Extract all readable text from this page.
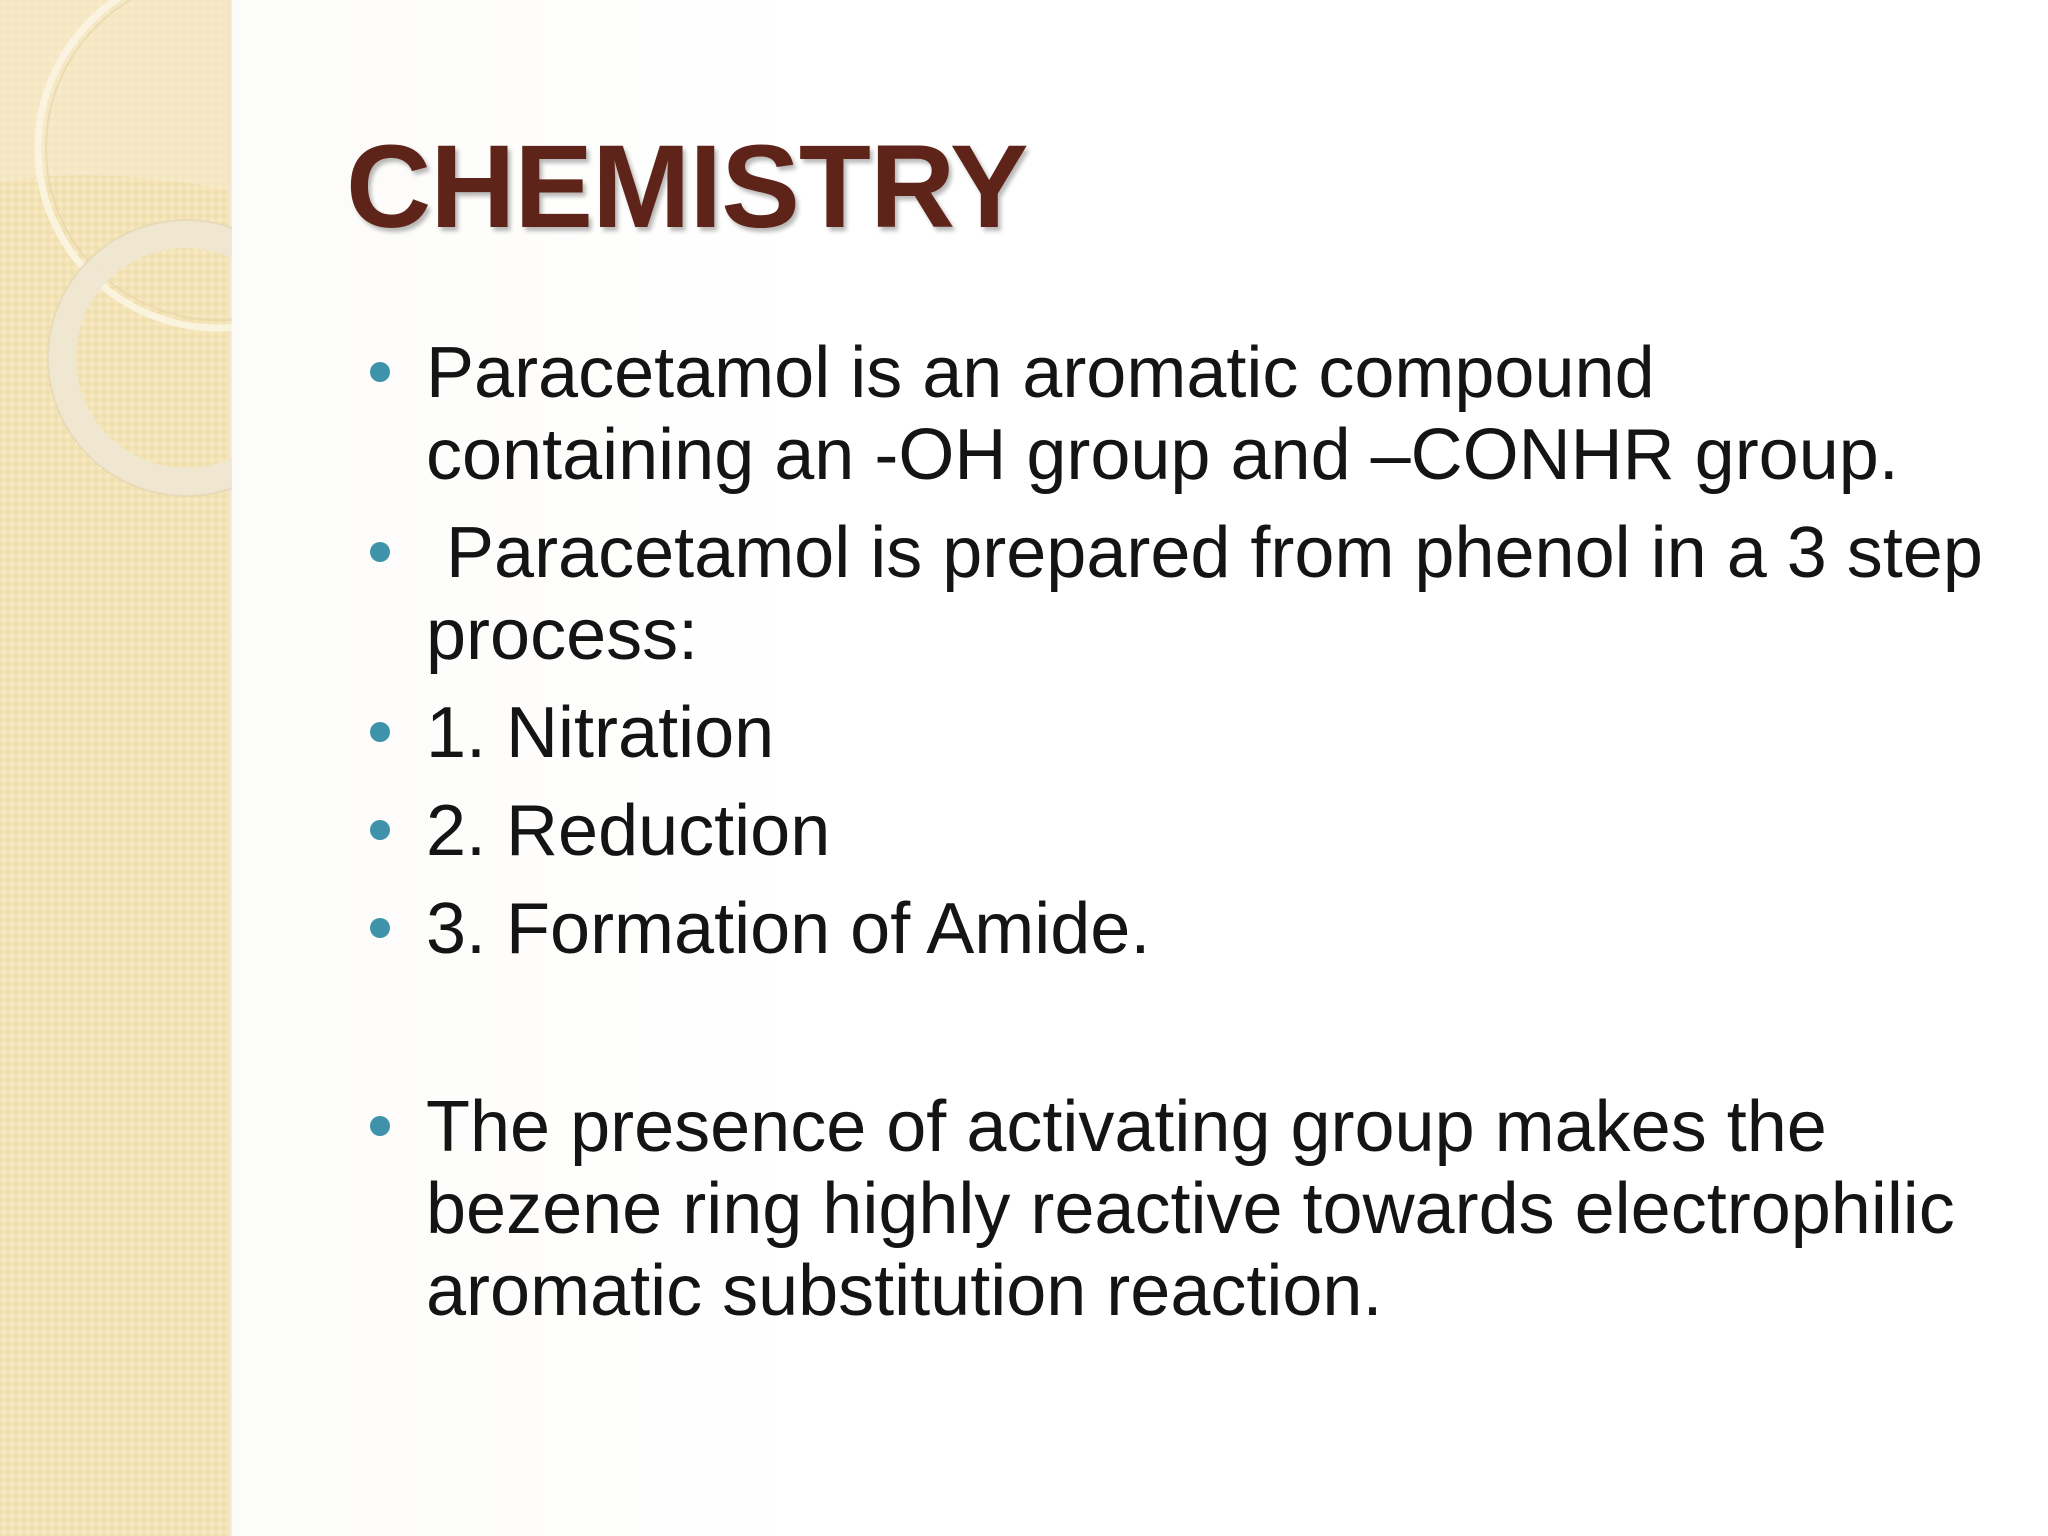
CHEMISTRY
Paracetamol is an aromatic compound containing an -OH group and –CONHR group.
Paracetamol is prepared from phenol in a 3 step process:
1. Nitration
2. Reduction
3. Formation of Amide.
The presence of activating group makes the bezene ring highly reactive towards electrophilic aromatic substitution reaction.
